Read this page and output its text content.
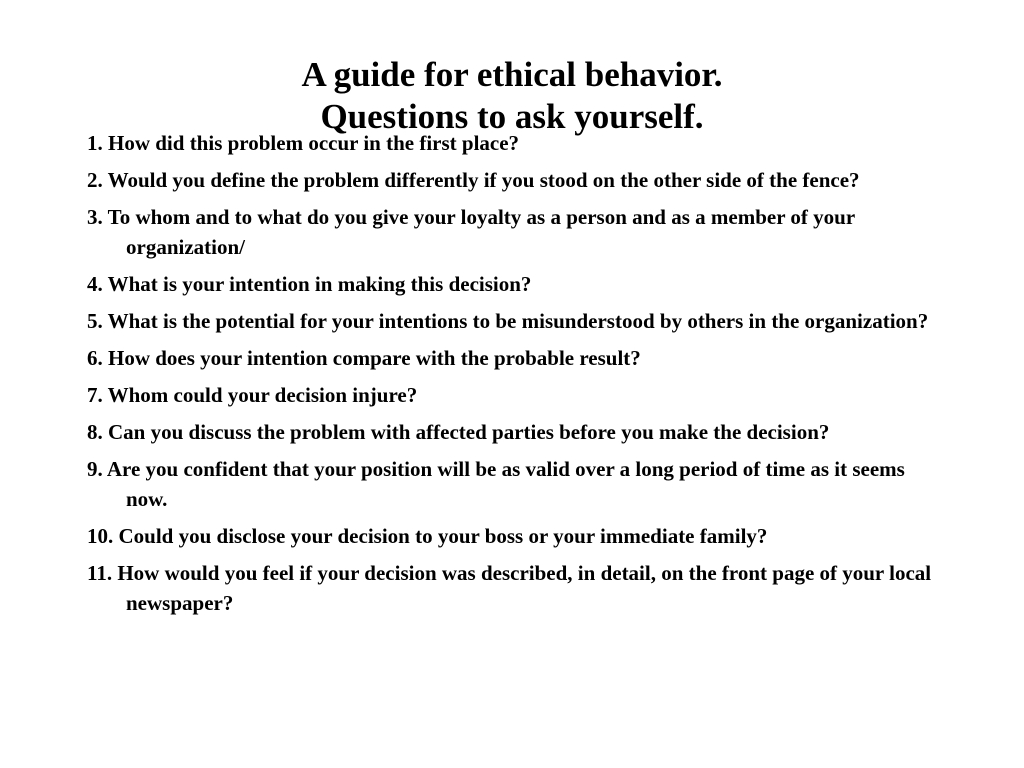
A guide for ethical behavior.
Questions to ask yourself.
1. How did this problem occur in the first place?
2. Would you define the problem differently if you stood on the other side of the fence?
3. To whom and to what do you give your loyalty as a person and as a member of your organization/
4. What is your intention in making this decision?
5. What is the potential for your intentions to be misunderstood by others in the organization?
6. How does your intention compare with the probable result?
7. Whom could your decision injure?
8. Can you discuss the problem with affected parties before you make the decision?
9. Are you confident that your position will be as valid over a long period of time as it seems now.
10. Could you disclose your decision to your boss or your immediate family?
11. How would you feel if your decision was described, in detail, on the front page of your local newspaper?
